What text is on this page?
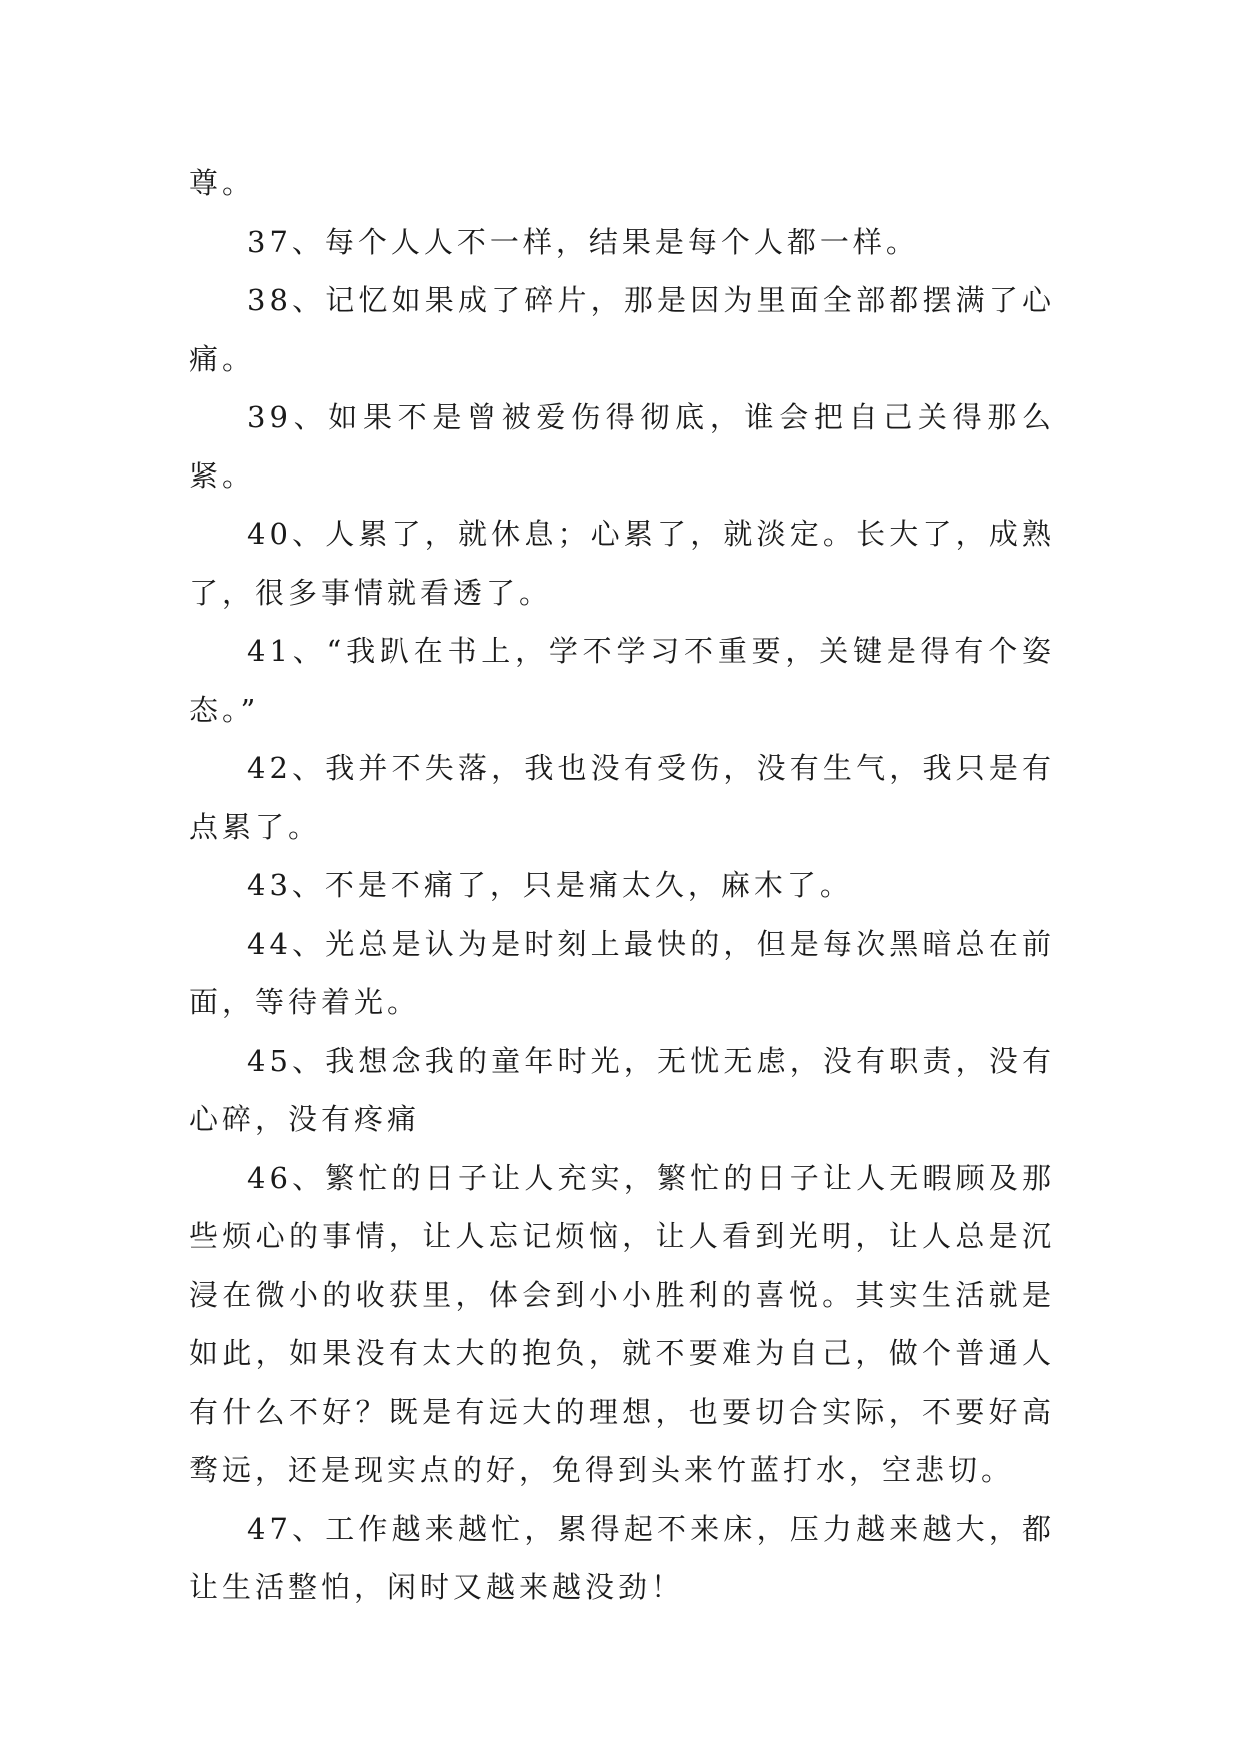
尊。

37、每个人人不一样，结果是每个人都一样。

38、记忆如果成了碎片，那是因为里面全部都摆满了心痛。

39、如果不是曾被爱伤得彻底，谁会把自己关得那么紧。

40、人累了，就休息；心累了，就淡定。长大了，成熟了，很多事情就看透了。

41、“我趴在书上，学不学习不重要，关键是得有个姿态。”

42、我并不失落，我也没有受伤，没有生气，我只是有点累了。

43、不是不痛了，只是痛太久，麻木了。

44、光总是认为是时刻上最快的，但是每次黑暗总在前面，等待着光。

45、我想念我的童年时光，无忧无虑，没有职责，没有心碎，没有疼痛

46、繁忙的日子让人充实，繁忙的日子让人无暇顾及那些烦心的事情，让人忘记烦恼，让人看到光明，让人总是沉浸在微小的收获里，体会到小小胜利的喜悦。其实生活就是如此，如果没有太大的抱负，就不要难为自己，做个普通人有什么不好？既是有远大的理想，也要切合实际，不要好高骛远，还是现实点的好，免得到头来竹蓝打水，空悲切。

47、工作越来越忙，累得起不来床，压力越来越大，都让生活整怕，闲时又越来越没劲！
